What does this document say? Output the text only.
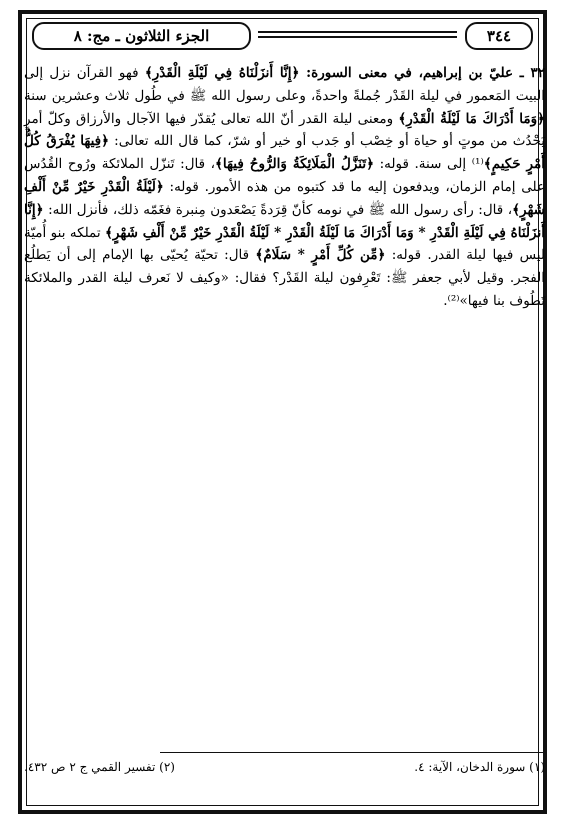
٣٤٤
الجزء الثلاثون ـ مج: ٨

٣٢ ـ عليّ بن إبراهيم، في معنى السورة: ﴿إِنَّا أَنزَلْنَاهُ فِي لَيْلَةِ الْقَدْرِ﴾ فهو القرآن نزل إلى البيت المَعمور في ليلة القَدْر جُملةً واحدةً، وعلى رسول الله ﷺ في طُول ثلاث وعشرين سنة ﴿وَمَا أَدْرَاكَ مَا لَيْلَةُ الْقَدْرِ﴾ ومعنى ليلة القدر أنّ الله تعالى يُقدّر فيها الآجال والأرزاق وكلّ أمرٍ يَحْدُث من موتٍ أو حياة أو خِصْب أو جَدب أو خير أو شرّ، كما قال الله تعالى: ﴿فِيهَا يُفْرَقُ كُلُّ أَمْرٍ حَكِيمٍ﴾⁽¹⁾ إلى سنة. قوله: ﴿تَنَزَّلُ الْمَلَائِكَةُ وَالرُّوحُ فِيهَا﴾، قال: تَنزّل الملائكة ورُوح القُدُس على إمام الزمان، ويدفعون إليه ما قد كتبوه من هذه الأمور. قوله: ﴿لَيْلَةُ الْقَدْرِ خَيْرٌ مِّنْ أَلْفِ شَهْرٍ﴾، قال: رأى رسول الله ﷺ في نومه كأنّ قِرَدةً يَصْعَدون مِنبرة فغَمّه ذلك، فأنزل الله: ﴿إِنَّا أَنزَلْنَاهُ فِي لَيْلَةِ الْقَدْرِ * وَمَا أَدْرَاكَ مَا لَيْلَةُ الْقَدْرِ * لَيْلَةُ الْقَدْرِ خَيْرٌ مِّنْ أَلْفِ شَهْرٍ﴾ تملكه بنو أُميّة ليس فيها ليلة القدر. قوله: ﴿مِّن كُلِّ أَمْرٍ * سَلَامٌ﴾ قال: تحيّة يُحيّى بها الإمام إلى أن يَطلُع الفجر. وقيل لأبي جعفر ﷺ: تَعْرِفون ليلة القَدْر؟ فقال: «وكيف لا نَعرف ليلة القدر والملائكة تَطُوف بنا فيها»⁽²⁾.

(١) سورة الدخان، الآية: ٤.
(٢) تفسير القمي ج ٢ ص ٤٣٢.
